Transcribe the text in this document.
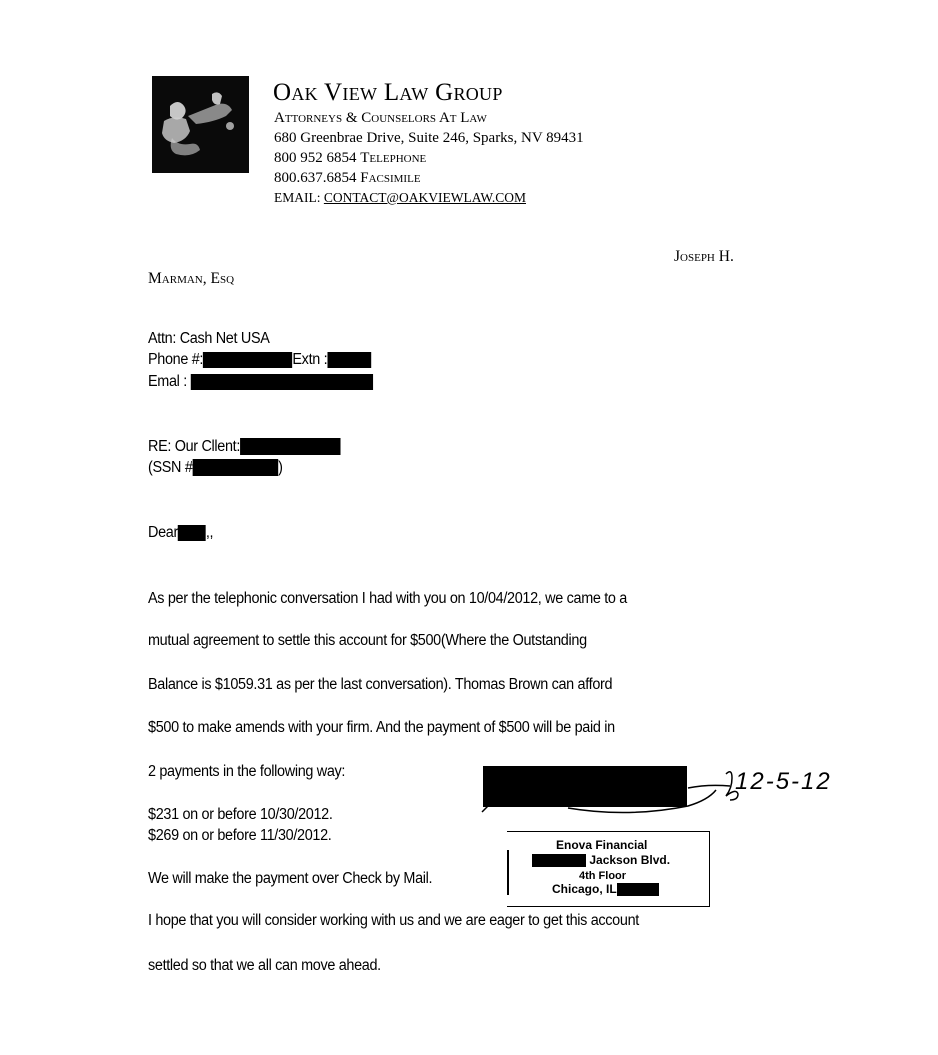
Oak View Law Group
Attorneys & Counselors At Law
680 Greenbrae Drive, Suite 246, Sparks, NV 89431
800 952 6854 Telephone
800.637.6854 Facsimile
EMAIL: CONTACT@OAKVIEWLAW.COM
Joseph H.
Marman, Esq
Attn: Cash Net USA
Phone #:	Extn :
Emal :
RE: Our Cllent:
(SSN #	)
Dear ,,
As per the telephonic conversation I had with you on 10/04/2012, we came to a
mutual agreement to settle this account for $500(Where the Outstanding
Balance is $1059.31 as per the last conversation). Thomas Brown can afford
$500 to make amends with your firm. And the payment of $500 will be paid in
2 payments in the following way:
$231 on or before 10/30/2012.
$269 on or before 11/30/2012.
We will make the payment over Check by Mail.
I hope that you will consider working with us and we are eager to get this account
settled so that we all can move ahead.
12-5-12
Enova Financial
Jackson Blvd.
4th Floor
Chicago, IL
